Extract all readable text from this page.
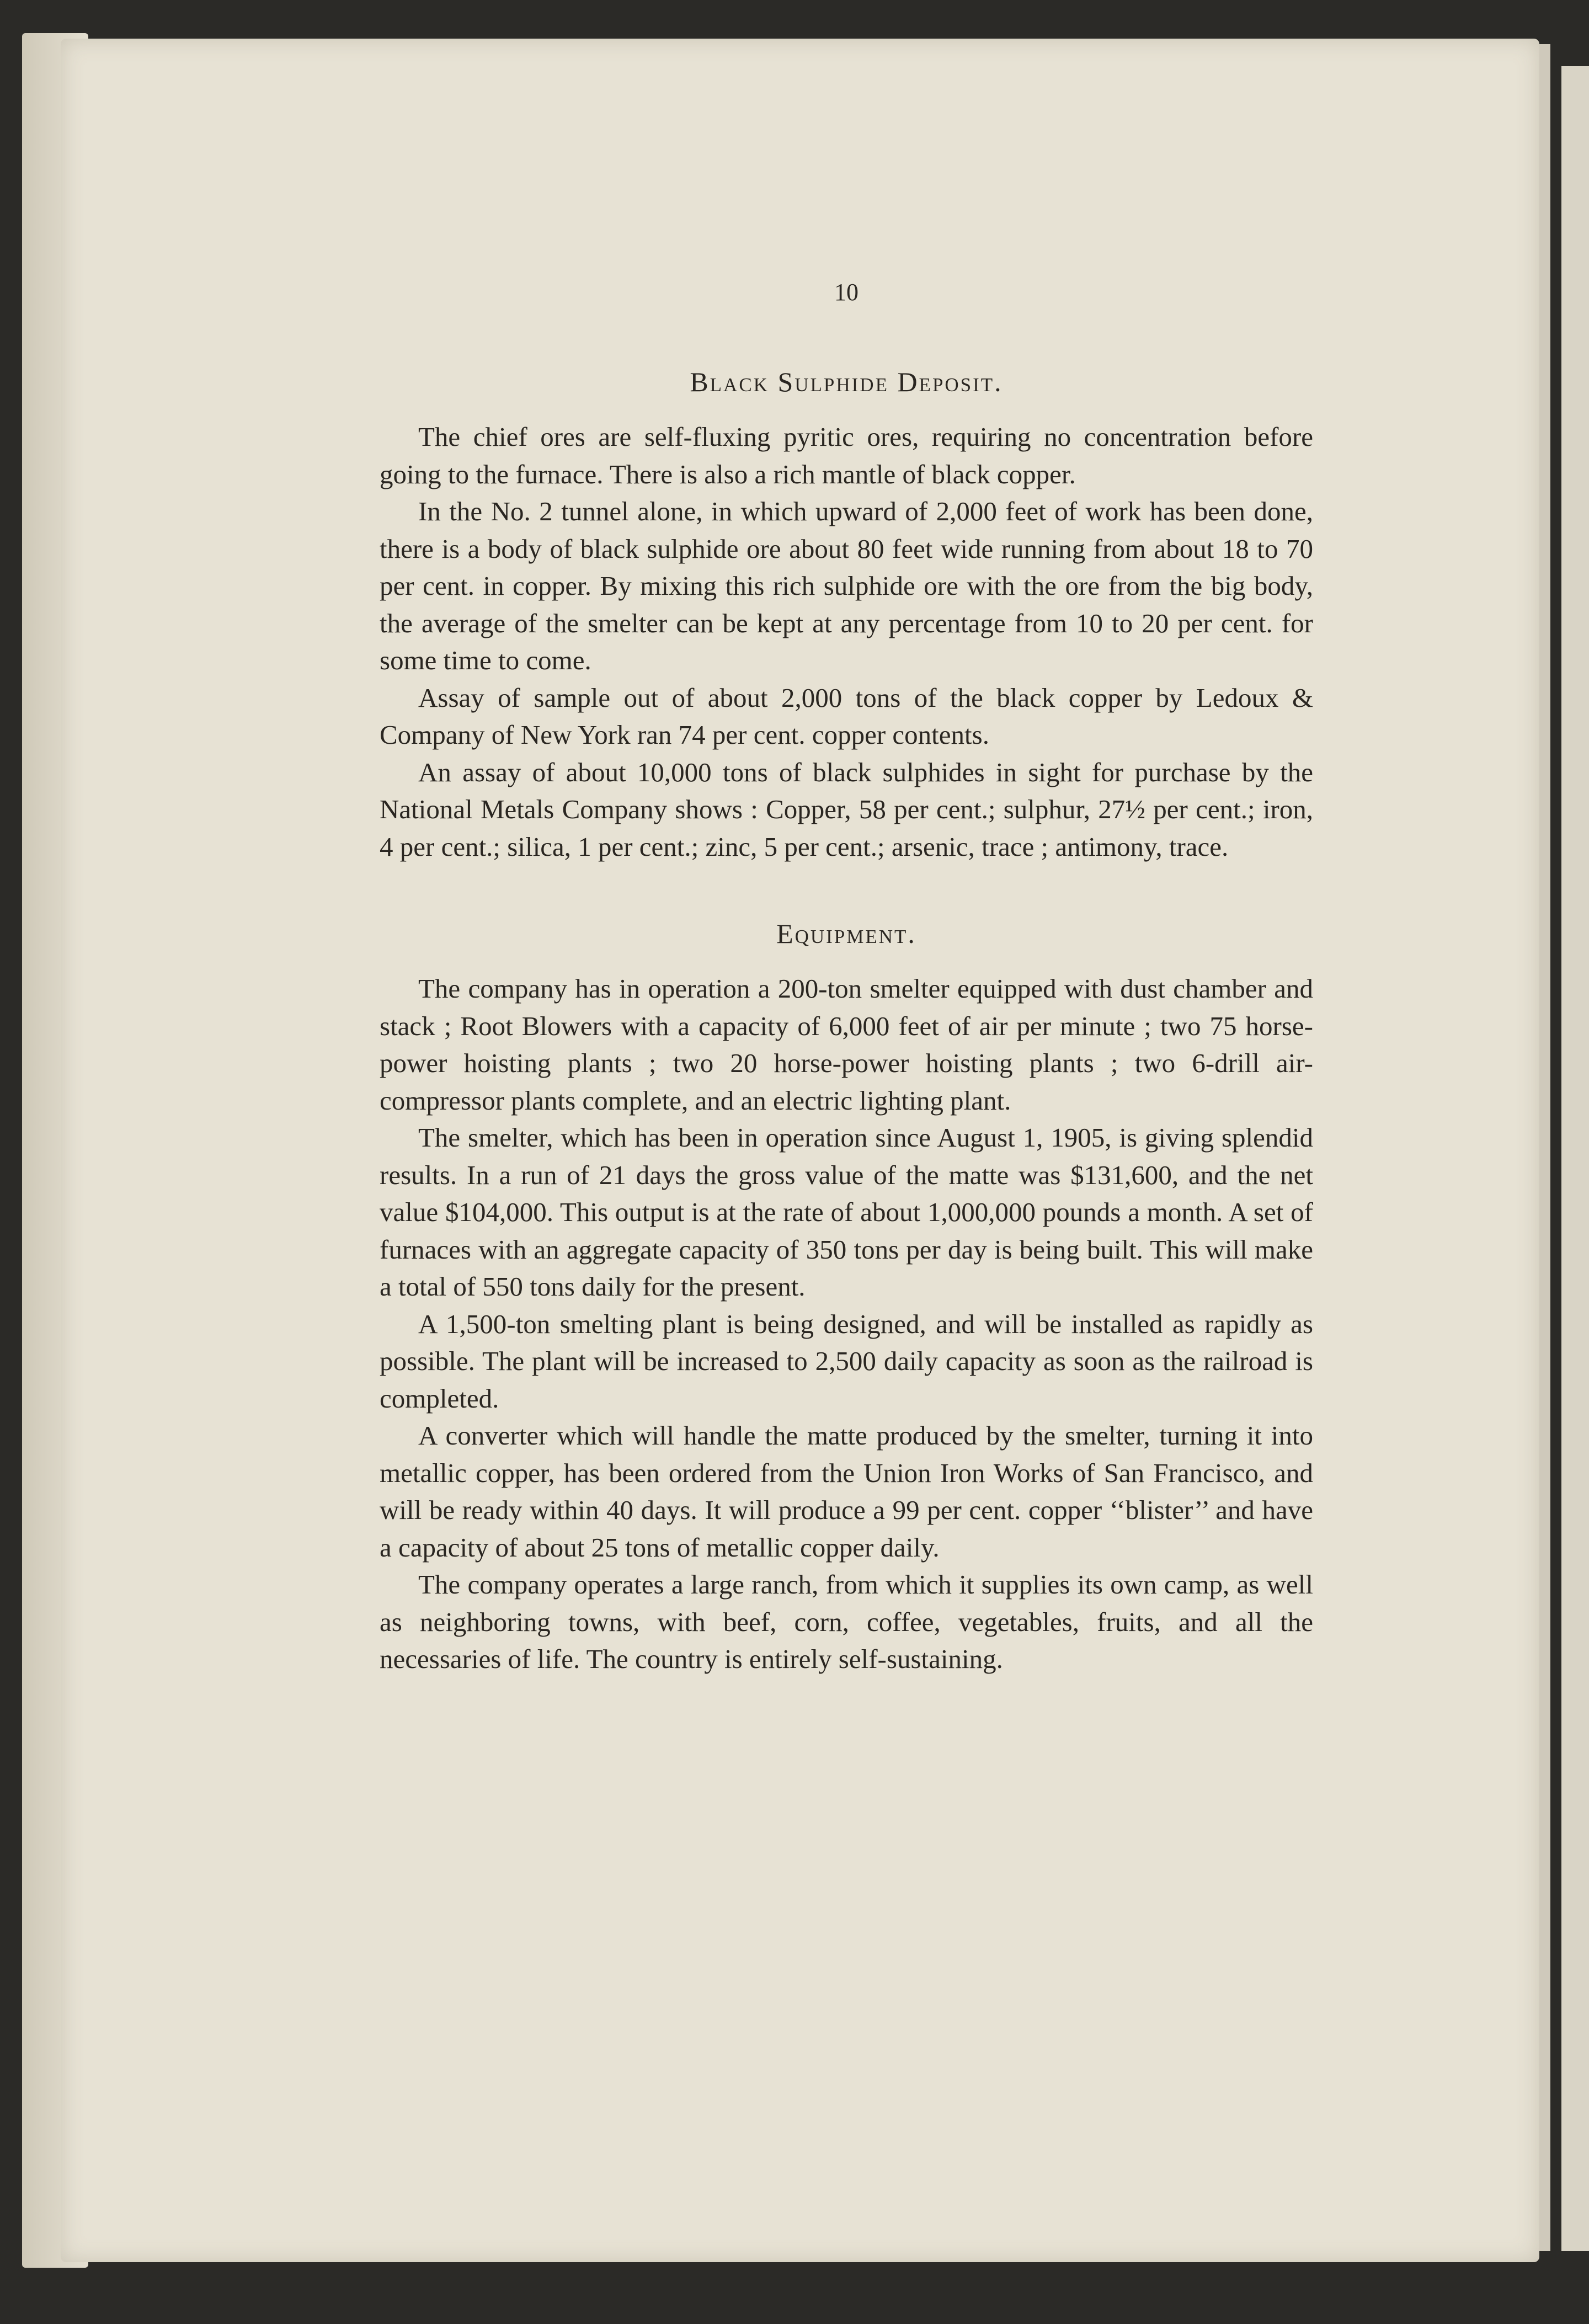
10
Black Sulphide Deposit.

The chief ores are self-fluxing pyritic ores, requiring no concentration before going to the furnace. There is also a rich mantle of black copper.

In the No. 2 tunnel alone, in which upward of 2,000 feet of work has been done, there is a body of black sulphide ore about 80 feet wide running from about 18 to 70 per cent. in copper. By mixing this rich sulphide ore with the ore from the big body, the average of the smelter can be kept at any percentage from 10 to 20 per cent. for some time to come.

Assay of sample out of about 2,000 tons of the black copper by Ledoux & Company of New York ran 74 per cent. copper contents.

An assay of about 10,000 tons of black sulphides in sight for purchase by the National Metals Company shows : Copper, 58 per cent.; sulphur, 27½ per cent.; iron, 4 per cent.; silica, 1 per cent.; zinc, 5 per cent.; arsenic, trace ; antimony, trace.

Equipment.

The company has in operation a 200-ton smelter equipped with dust chamber and stack ; Root Blowers with a capacity of 6,000 feet of air per minute ; two 75 horse-power hoisting plants ; two 20 horse-power hoisting plants ; two 6-drill air-compressor plants complete, and an electric lighting plant.

The smelter, which has been in operation since August 1, 1905, is giving splendid results. In a run of 21 days the gross value of the matte was $131,600, and the net value $104,000. This output is at the rate of about 1,000,000 pounds a month. A set of furnaces with an aggregate capacity of 350 tons per day is being built. This will make a total of 550 tons daily for the present.

A 1,500-ton smelting plant is being designed, and will be installed as rapidly as possible. The plant will be increased to 2,500 daily capacity as soon as the railroad is completed.

A converter which will handle the matte produced by the smelter, turning it into metallic copper, has been ordered from the Union Iron Works of San Francisco, and will be ready within 40 days. It will produce a 99 per cent. copper ‘‘blister’’ and have a capacity of about 25 tons of metallic copper daily.

The company operates a large ranch, from which it supplies its own camp, as well as neighboring towns, with beef, corn, coffee, vegetables, fruits, and all the necessaries of life. The country is entirely self-sustaining.
